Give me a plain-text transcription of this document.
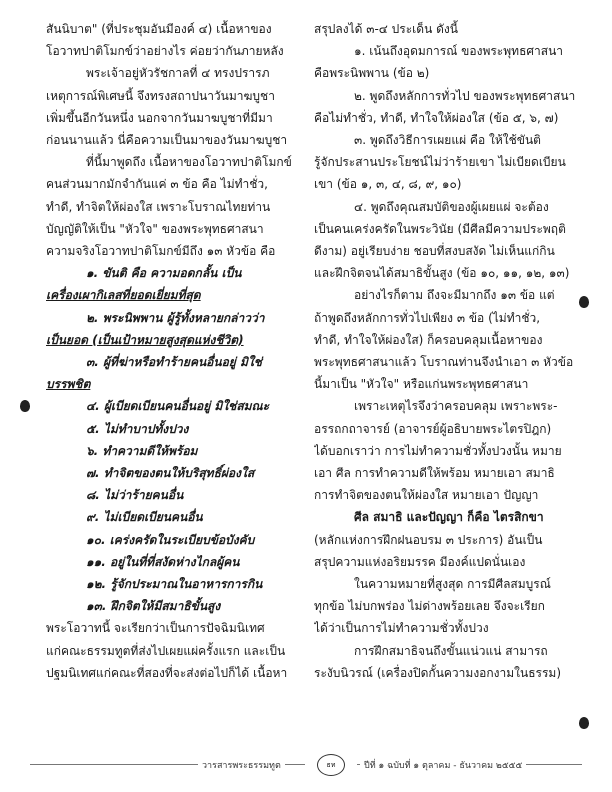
สันนิบาต" (ที่ประชุมอันมีองค์ ๔) เนื้อหาของ

โอวาทปาติโมกข์ว่าอย่างไร ค่อยว่ากันภายหลัง

พระเจ้าอยู่หัวรัชกาลที่ ๔ ทรงปรารภ

เหตุการณ์พิเศษนี้ จึงทรงสถาปนาวันมาฆบูชา

เพิ่มขึ้นอีกวันหนึ่ง นอกจากวันมาฆบูชาที่มีมา

ก่อนนานแล้ว นี่คือความเป็นมาของวันมาฆบูชา

ที่นี้มาพูดถึง เนื้อหาของโอวาทปาติโมกข์

คนส่วนมากมักจำกันแค่ ๓ ข้อ คือ ไม่ทำชั่ว,

ทำดี, ทำจิตให้ผ่องใส เพราะโบราณไทยท่าน

บัญญัติให้เป็น "หัวใจ" ของพระพุทธศาสนา

ความจริงโอวาทปาติโมกข์มีถึง ๑๓ หัวข้อ คือ

๑. ขันติ คือ ความอดกลั้น เป็น

เครื่องเผากิเลสที่ยอดเยี่ยมที่สุด

๒. พระนิพพาน ผู้รู้ทั้งหลายกล่าวว่า

เป็นยอด (เป็นเป้าหมายสูงสุดแห่งชีวิต)

๓. ผู้ที่ฆ่าหรือทำร้ายคนอื่นอยู่ มิใช่

บรรพชิต

๔. ผู้เบียดเบียนคนอื่นอยู่ มิใช่สมณะ

๕. ไม่ทำบาปทั้งปวง

๖. ทำความดีให้พร้อม

๗. ทำจิตของตนให้บริสุทธิ์ผ่องใส

๘. ไม่ว่าร้ายคนอื่น

๙. ไม่เบียดเบียนคนอื่น

๑๐. เคร่งครัดในระเบียบข้อบังคับ

๑๑. อยู่ในที่ที่สงัดห่างไกลผู้คน

๑๒. รู้จักประมาณในอาหารการกิน

๑๓. ฝึกจิตให้มีสมาธิขั้นสูง

พระโอวาทนี้ จะเรียกว่าเป็นการปัจฉิมนิเทศ

แก่คณะธรรมทูตที่ส่งไปเผยแผ่ครั้งแรก และเป็น

ปฐมนิเทศแก่คณะที่สองที่จะส่งต่อไปก็ได้ เนื้อหา

สรุปลงได้ ๓-๔ ประเด็น ดังนี้

๑. เน้นถึงอุดมการณ์ ของพระพุทธศาสนา

คือพระนิพพาน (ข้อ ๒)

๒. พูดถึงหลักการทั่วไป ของพระพุทธศาสนา

คือไม่ทำชั่ว, ทำดี, ทำใจให้ผ่องใส (ข้อ ๕, ๖, ๗)

๓. พูดถึงวิธีการเผยแผ่ คือ ให้ใช้ขันติ

รู้จักประสานประโยชน์ไม่ว่าร้ายเขา ไม่เบียดเบียน

เขา (ข้อ ๑, ๓, ๔, ๘, ๙, ๑๐)

๔. พูดถึงคุณสมบัติของผู้เผยแผ่ จะต้อง

เป็นคนเคร่งครัดในพระวินัย (มีศีลมีความประพฤติ

ดีงาม) อยู่เรียบง่าย ชอบที่สงบสงัด ไม่เห็นแก่กิน

และฝึกจิตจนได้สมาธิขั้นสูง (ข้อ ๑๐, ๑๑, ๑๒, ๑๓)

อย่างไรก็ตาม ถึงจะมีมากถึง ๑๓ ข้อ แต่

ถ้าพูดถึงหลักการทั่วไปเพียง ๓ ข้อ (ไม่ทำชั่ว,

ทำดี, ทำใจให้ผ่องใส) ก็ครอบคลุมเนื้อหาของ

พระพุทธศาสนาแล้ว โบราณท่านจึงนำเอา ๓ หัวข้อ

นี้มาเป็น "หัวใจ" หรือแก่นพระพุทธศาสนา

เพราะเหตุไรจึงว่าครอบคลุม เพราะพระ-

อรรถกถาจารย์ (อาจารย์ผู้อธิบายพระไตรปิฎก)

ได้บอกเราว่า การไม่ทำความชั่วทั้งปวงนั้น หมาย

เอา ศีล การทำความดีให้พร้อม หมายเอา สมาธิ

การทำจิตของตนให้ผ่องใส หมายเอา ปัญญา

ศีล สมาธิ และปัญญา ก็คือ ไตรสิกขา

(หลักแห่งการฝึกฝนอบรม ๓ ประการ) อันเป็น

สรุปความแห่งอริยมรรค มีองค์แปดนั่นเอง

ในความหมายที่สูงสุด การมีศีลสมบูรณ์

ทุกข้อ ไม่บกพร่อง ไม่ด่างพร้อยเลย จึงจะเรียก

ได้ว่าเป็นการไม่ทำความชั่วทั้งปวง

การฝึกสมาธิจนถึงขั้นแน่วแน่ สามารถ

ระงับนิวรณ์ (เครื่องปิดกั้นความงอกงามในธรรม)

วารสารพระธรรมทูต	ธท	ปีที่ ๑ ฉบับที่ ๑ ตุลาคม - ธันวาคม ๒๕๕๕
